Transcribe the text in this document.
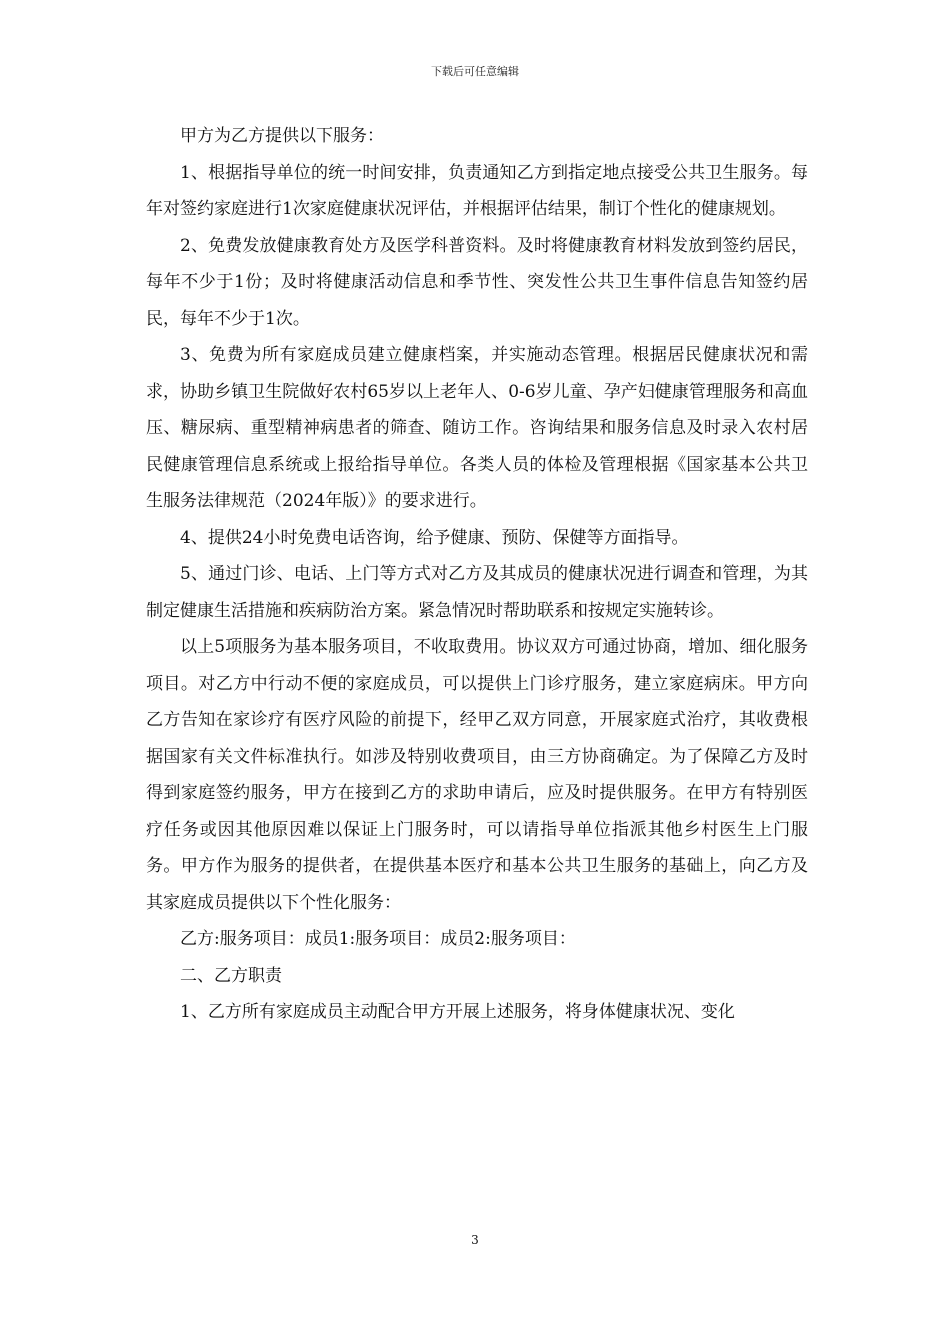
下载后可任意编辑

甲方为乙方提供以下服务：

1、根据指导单位的统一时间安排，负责通知乙方到指定地点接受公共卫生服务。每年对签约家庭进行1次家庭健康状况评估，并根据评估结果，制订个性化的健康规划。

2、免费发放健康教育处方及医学科普资料。及时将健康教育材料发放到签约居民，每年不少于1份；及时将健康活动信息和季节性、突发性公共卫生事件信息告知签约居民，每年不少于1次。

3、免费为所有家庭成员建立健康档案，并实施动态管理。根据居民健康状况和需求，协助乡镇卫生院做好农村65岁以上老年人、0-6岁儿童、孕产妇健康管理服务和高血压、糖尿病、重型精神病患者的筛查、随访工作。咨询结果和服务信息及时录入农村居民健康管理信息系统或上报给指导单位。各类人员的体检及管理根据《国家基本公共卫生服务法律规范（2024年版）》的要求进行。

4、提供24小时免费电话咨询，给予健康、预防、保健等方面指导。

5、通过门诊、电话、上门等方式对乙方及其成员的健康状况进行调查和管理，为其制定健康生活措施和疾病防治方案。紧急情况时帮助联系和按规定实施转诊。

以上5项服务为基本服务项目，不收取费用。协议双方可通过协商，增加、细化服务项目。对乙方中行动不便的家庭成员，可以提供上门诊疗服务，建立家庭病床。甲方向乙方告知在家诊疗有医疗风险的前提下，经甲乙双方同意，开展家庭式治疗，其收费根据国家有关文件标准执行。如涉及特别收费项目，由三方协商确定。为了保障乙方及时得到家庭签约服务，甲方在接到乙方的求助申请后，应及时提供服务。在甲方有特别医疗任务或因其他原因难以保证上门服务时，可以请指导单位指派其他乡村医生上门服务。甲方作为服务的提供者，在提供基本医疗和基本公共卫生服务的基础上，向乙方及其家庭成员提供以下个性化服务：

乙方:服务项目：成员1:服务项目：成员2:服务项目：

二、乙方职责

1、乙方所有家庭成员主动配合甲方开展上述服务，将身体健康状况、变化

3
